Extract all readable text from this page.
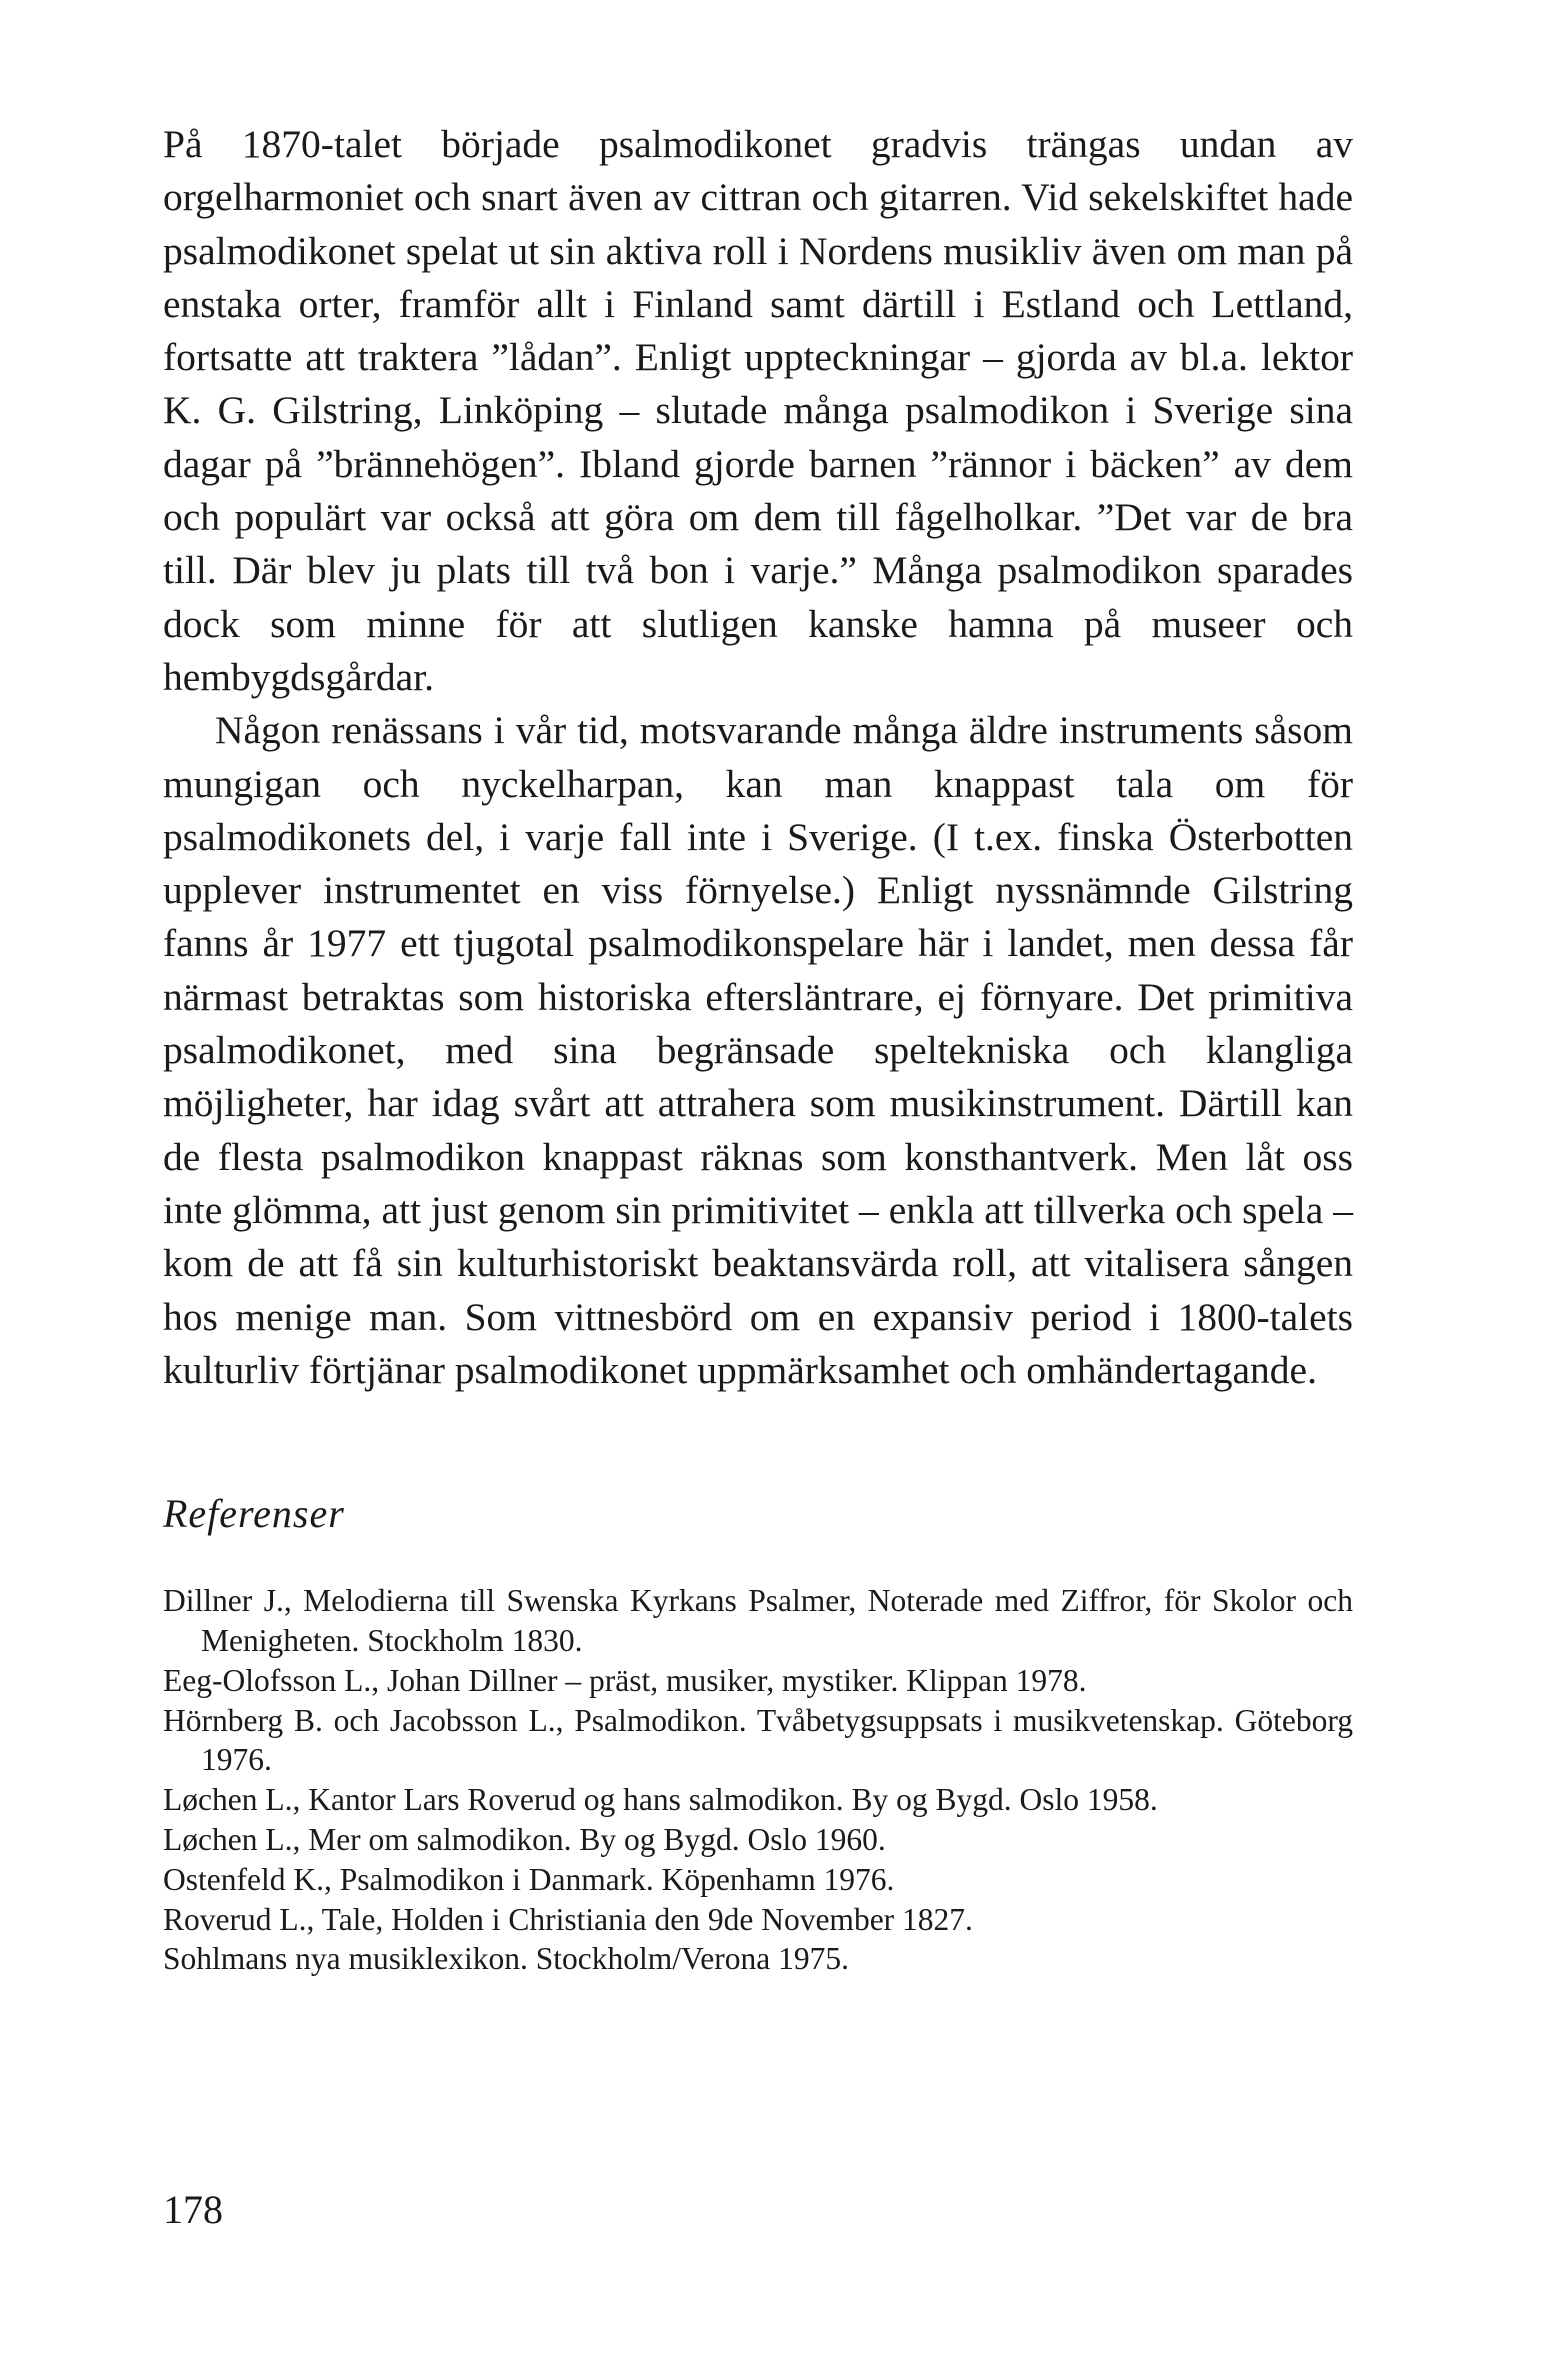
På 1870-talet började psalmodikonet gradvis trängas undan av orgelharmoniet och snart även av cittran och gitarren. Vid sekelskiftet hade psalmodikonet spelat ut sin aktiva roll i Nordens musikliv även om man på enstaka orter, framför allt i Finland samt därtill i Estland och Lettland, fortsatte att traktera ”lådan”. Enligt uppteckningar – gjorda av bl.a. lektor K. G. Gilstring, Linköping – slutade många psalmodikon i Sverige sina dagar på ”brännehögen”. Ibland gjorde barnen ”rännor i bäcken” av dem och populärt var också att göra om dem till fågelholkar. ”Det var de bra till. Där blev ju plats till två bon i varje.” Många psalmodikon sparades dock som minne för att slutligen kanske hamna på museer och hembygdsgårdar.

Någon renässans i vår tid, motsvarande många äldre instruments såsom mungigan och nyckelharpan, kan man knappast tala om för psalmodikonets del, i varje fall inte i Sverige. (I t.ex. finska Österbotten upplever instrumentet en viss förnyelse.) Enligt nyssnämnde Gilstring fanns år 1977 ett tjugotal psalmodikonspelare här i landet, men dessa får närmast betraktas som historiska eftersläntrare, ej förnyare. Det primitiva psalmodikonet, med sina begränsade speltekniska och klangliga möjligheter, har idag svårt att attrahera som musikinstrument. Därtill kan de flesta psalmodikon knappast räknas som konsthantverk. Men låt oss inte glömma, att just genom sin primitivitet – enkla att tillverka och spela – kom de att få sin kulturhistoriskt beaktansvärda roll, att vitalisera sången hos menige man. Som vittnesbörd om en expansiv period i 1800-talets kulturliv förtjänar psalmodikonet uppmärksamhet och omhändertagande.

Referenser
Dillner J., Melodierna till Swenska Kyrkans Psalmer, Noterade med Ziffror, för Skolor och Menigheten. Stockholm 1830.
Eeg-Olofsson L., Johan Dillner – präst, musiker, mystiker. Klippan 1978.
Hörnberg B. och Jacobsson L., Psalmodikon. Tvåbetygsuppsats i musikvetenskap. Göteborg 1976.
Løchen L., Kantor Lars Roverud og hans salmodikon. By og Bygd. Oslo 1958.
Løchen L., Mer om salmodikon. By og Bygd. Oslo 1960.
Ostenfeld K., Psalmodikon i Danmark. Köpenhamn 1976.
Roverud L., Tale, Holden i Christiania den 9de November 1827.
Sohlmans nya musiklexikon. Stockholm/Verona 1975.
178
